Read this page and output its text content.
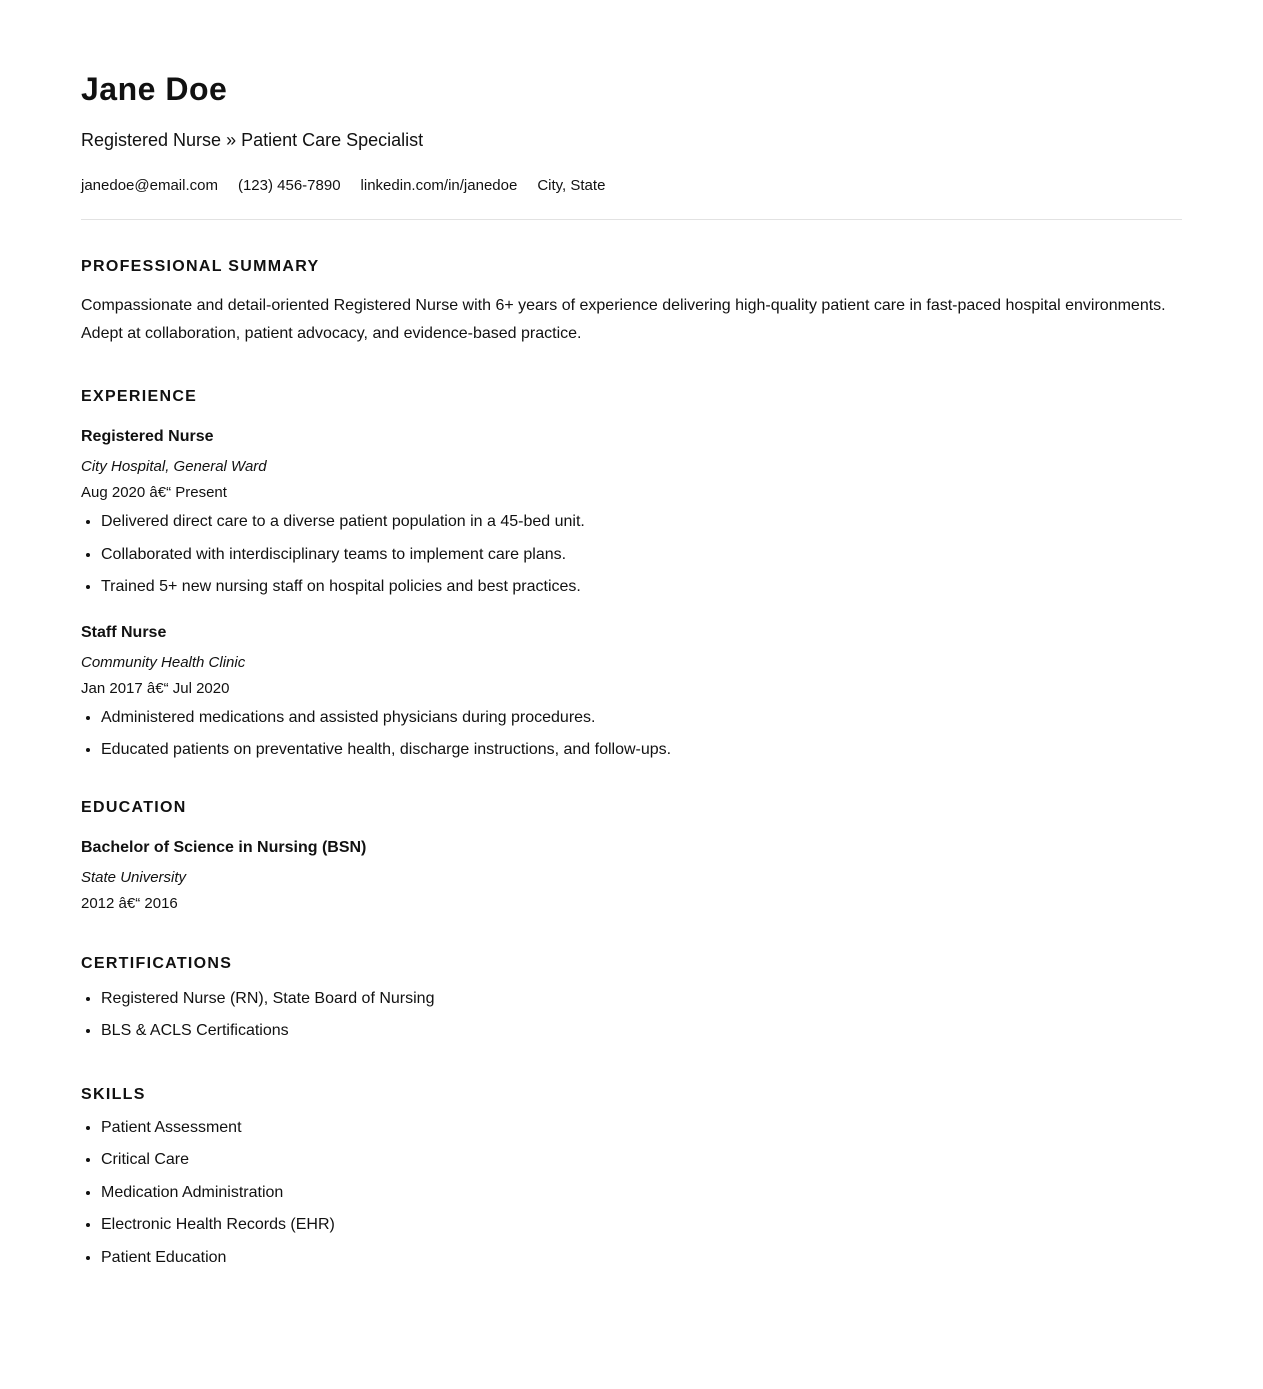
Jane Doe
Registered Nurse » Patient Care Specialist
janedoe@email.com (123) 456-7890 linkedin.com/in/janedoe City, State
PROFESSIONAL SUMMARY

Compassionate and detail-oriented Registered Nurse with 6+ years of experience delivering high-quality patient care in fast-paced hospital environments. Adept at collaboration, patient advocacy, and evidence-based practice.

EXPERIENCE
Registered Nurse
City Hospital, General Ward
Aug 2020 â€“ Present
• Delivered direct care to a diverse patient population in a 45-bed unit.
• Collaborated with interdisciplinary teams to implement care plans.
• Trained 5+ new nursing staff on hospital policies and best practices.
Staff Nurse
Community Health Clinic
Jan 2017 â€“ Jul 2020
• Administered medications and assisted physicians during procedures.
• Educated patients on preventative health, discharge instructions, and follow-ups.
EDUCATION
Bachelor of Science in Nursing (BSN)
State University
2012 â€“ 2016
CERTIFICATIONS
• Registered Nurse (RN), State Board of Nursing
• BLS & ACLS Certifications
SKILLS
• Patient Assessment
• Critical Care
• Medication Administration
• Electronic Health Records (EHR)
• Patient Education
